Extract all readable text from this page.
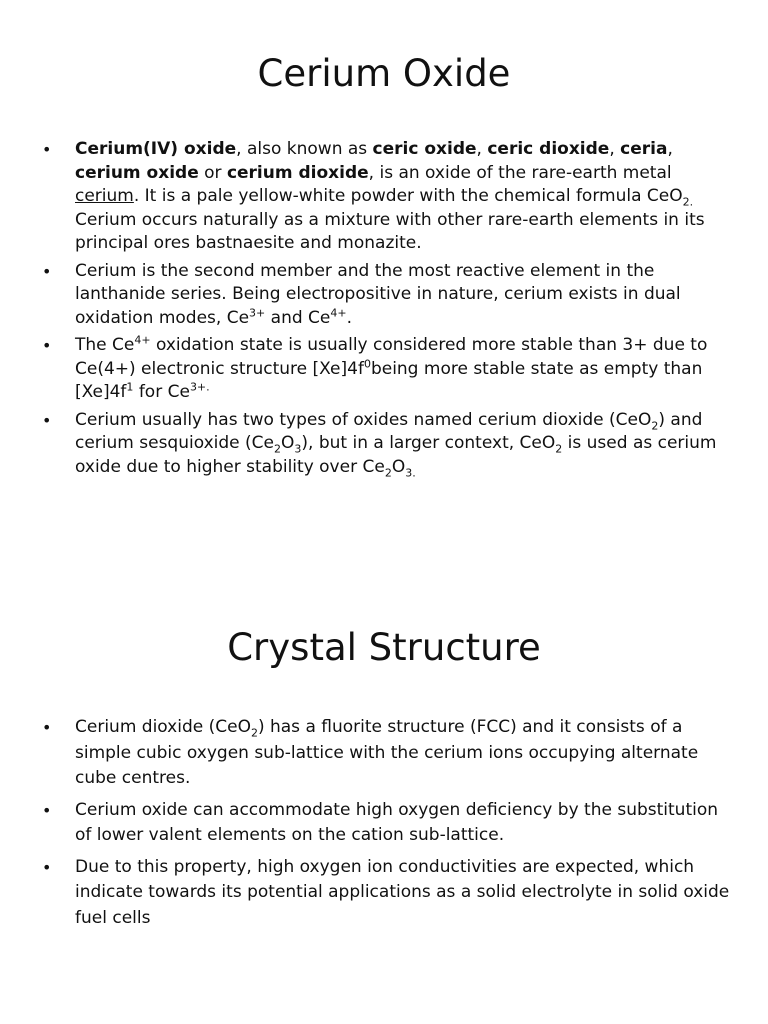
Cerium Oxide
• Cerium(IV) oxide, also known as ceric oxide, ceric dioxide, ceria, cerium oxide or cerium dioxide, is an oxide of the rare-earth metal cerium. It is a pale yellow-white powder with the chemical formula CeO$_{2.}$ Cerium occurs naturally as a mixture with other rare-earth elements in its principal ores bastnaesite and monazite.
• Cerium is the second member and the most reactive element in the lanthanide series. Being electropositive in nature, cerium exists in dual oxidation modes, $Ce^{3+}$ and $Ce^{4+}$.
• The $Ce^{4+}$ oxidation state is usually considered more stable than 3+ due to Ce(4+) electronic structure $[Xe]4f^0being$ more stable state as empty than $[Xe]4f^1$ for $Ce^{3+.}$
• Cerium usually has two types of oxides named cerium dioxide (CeO$_2$) and cerium sesquioxide $(Ce_2O_3)$, but in a larger context, CeO$_2$ is used as cerium oxide due to higher stability over $Ce_2O_{3.}$
Crystal Structure
• Cerium dioxide (CeO$_2$) has a fluorite structure (FCC) and it consists of a simple cubic oxygen sub-lattice with the cerium ions occupying alternate cube centres.
• Cerium oxide can accommodate high oxygen deficiency by the substitution of lower valent elements on the cation sub-lattice.
• Due to this property, high oxygen ion conductivities are expected, which indicate towards its potential applications as a solid electrolyte in solid oxide fuel cells
